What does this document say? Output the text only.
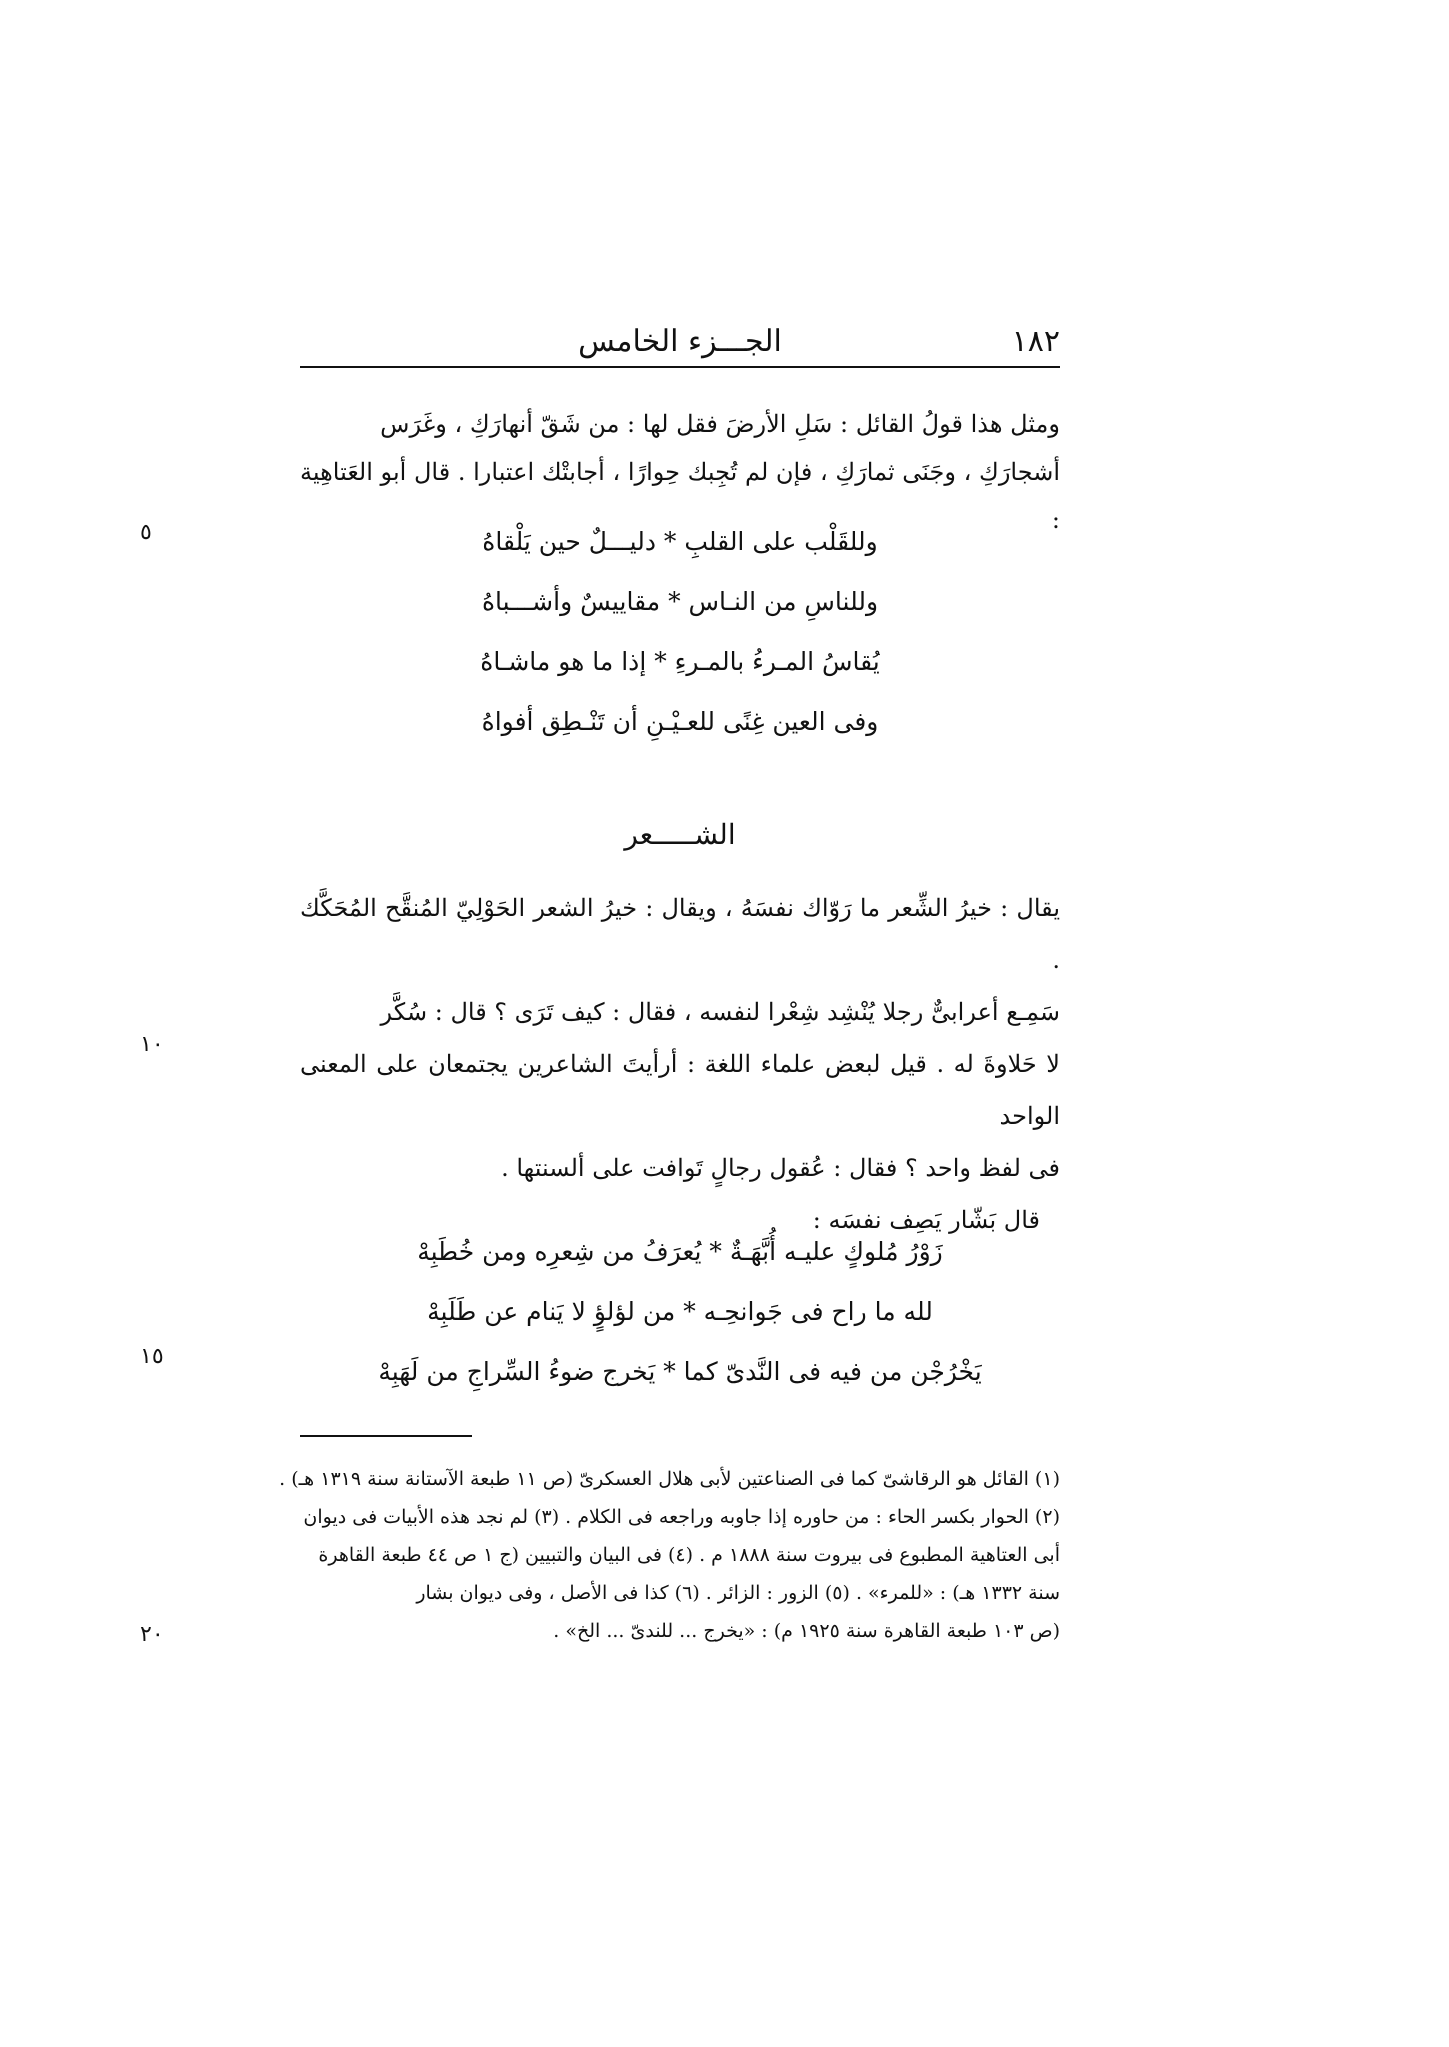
١٨٢
الجـــزء الخامس
ومثل هذا قولُ القائل : سَلِ الأرضَ فقل لها : من شَقّ أنهارَكِ ، وغَرَس
أشجارَكِ ، وجَنَى ثمارَكِ ، فإن لم تُجِبك حِوارًا ، أجابتْك اعتبارا . قال أبو العَتاهِية :
وللقَلْب على القلبِ * دليـــلٌ حين يَلْقاهُ
وللناسِ من النـاس * مقاييسٌ وأشـــباهُ
يُقاسُ المـرءُ بالمـرءِ * إذا ما هو ماشـاهُ
وفى العين غِنًى للعـيْـنِ أن تَنْـطِق أفواهُ
٥
الشـــــعر
يقال : خيرُ الشِّعر ما رَوّاك نفسَهُ ، ويقال : خيرُ الشعر الحَوْلِيّ المُنقَّح المُحَكَّك .
سَمِـع أعرابىٌّ رجلا يُنْشِد شِعْرا لنفسه ، فقال : كيف تَرَى ؟ قال : سُكَّر
لا حَلاوةَ له . قيل لبعض علماء اللغة : أرأيتَ الشاعرين يجتمعان على المعنى الواحد
فى لفظ واحد ؟ فقال : عُقول رجالٍ تَوافت على ألسنتها .
قال بَشّار يَصِف نفسَه :
١٠
زَوْرُ مُلوكٍ عليـه أُبَّهَـةٌ * يُعرَفُ من شِعرِه ومن خُطَبِهْ
لله ما راح فى جَوانحِـه * من لؤلؤٍ لا يَنام عن طَلَبِهْ
يَخْرُجْن من فيه فى النَّدىّ كما * يَخرج ضوءُ السِّراجِ من لَهَبِهْ
١٥
(١) القائل هو الرقاشىّ كما فى الصناعتين لأبى هلال العسكرىّ (ص ١١ طبعة الآستانة سنة ١٣١٩ هـ) .
(٢) الحوار بكسر الحاء : من حاوره إذا جاوبه وراجعه فى الكلام . (٣) لم نجد هذه الأبيات فى ديوان
أبى العتاهية المطبوع فى بيروت سنة ١٨٨٨ م . (٤) فى البيان والتبيين (ج ١ ص ٤٤ طبعة القاهرة
سنة ١٣٣٢ هـ) : «للمرء» . (٥) الزور : الزائر . (٦) كذا فى الأصل ، وفى ديوان بشار
(ص ١٠٣ طبعة القاهرة سنة ١٩٢٥ م) : «يخرج ... للندىّ ... الخ» .
٢٠
